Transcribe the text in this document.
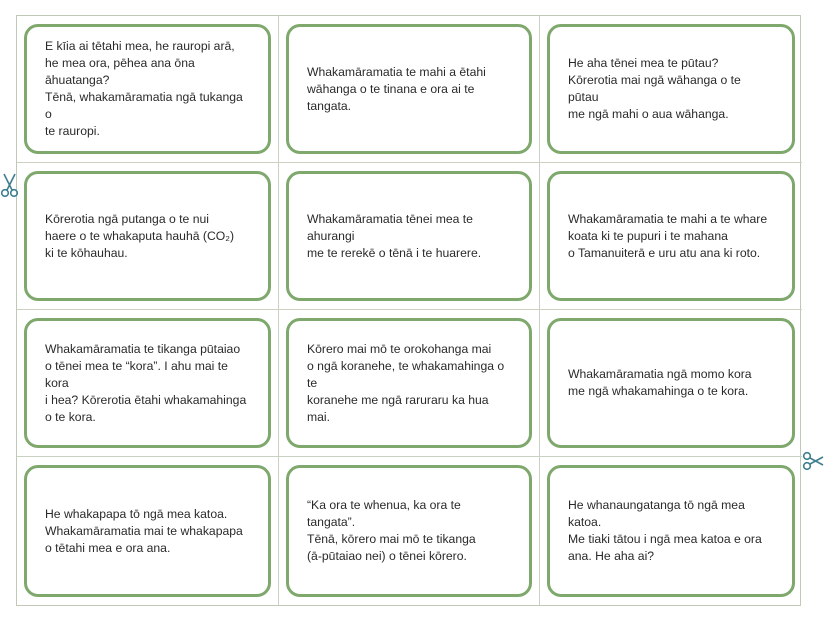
E kīia ai tētahi mea, he rauropi arā,
he mea ora, pēhea ana ōna āhuatanga?
Tēnā, whakamāramatia ngā tukanga o
te rauropi.

Whakamāramatia te mahi a ētahi
wāhanga o te tinana e ora ai te tangata.

He aha tēnei mea te pūtau?
Kōrerotia mai ngā wāhanga o te pūtau
me ngā mahi o aua wāhanga.

Kōrerotia ngā putanga o te nui
haere o te whakaputa hauhā (CO₂)
ki te kōhauhau.

Whakamāramatia tēnei mea te ahurangi
me te rerekē o tēnā i te huarere.

Whakamāramatia te mahi a te whare
koata ki te pupuri i te mahana
o Tamanuiterā e uru atu ana ki roto.

Whakamāramatia te tikanga pūtaiao
o tēnei mea te “kora”. I ahu mai te kora
i hea? Kōrerotia ētahi whakamahinga
o te kora.

Kōrero mai mō te orokohanga mai
o ngā koranehe, te whakamahinga o te
koranehe me ngā raruraru ka hua mai.

Whakamāramatia ngā momo kora
me ngā whakamahinga o te kora.

He whakapapa tō ngā mea katoa.
Whakamāramatia mai te whakapapa
o tētahi mea e ora ana.

“Ka ora te whenua, ka ora te tangata”.
Tēnā, kōrero mai mō te tikanga
(ā-pūtaiao nei) o tēnei kōrero.

He whanaungatanga tō ngā mea katoa.
Me tiaki tātou i ngā mea katoa e ora
ana. He aha ai?
